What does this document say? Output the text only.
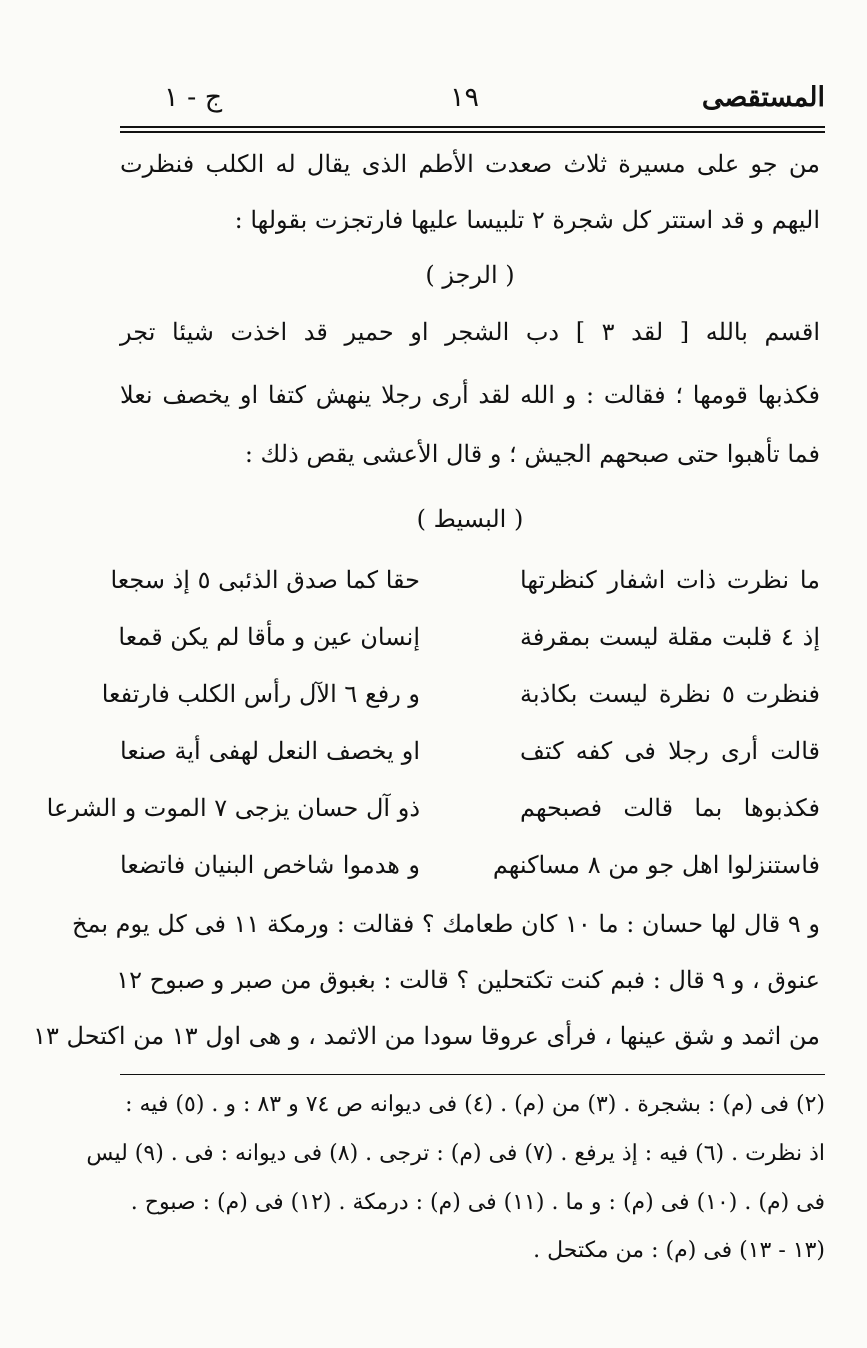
المستقصى
١٩
ج - ١
من جو على مسيرة ثلاث صعدت الأطم الذى يقال له الكلب فنظرت
اليهم و قد استتر كل شجرة ٢ تلبيسا عليها فارتجزت بقولها :
( الرجز )
اقسم بالله [ لقد ٣ ] دب الشجر او حمير قد اخذت شيئا تجر
فكذبها قومها ؛ فقالت : و الله لقد أرى رجلا ينهش كتفا او يخصف نعلا
فما تأهبوا حتى صبحهم الجيش ؛ و قال الأعشى يقص ذلك :
( البسيط )
ما نظرت ذات اشفار كنظرتها
حقا كما صدق الذئبى ٥ إذ سجعا
إذ ٤ قلبت مقلة ليست بمقرفة
إنسان عين و مأقا لم يكن قمعا
فنظرت ٥ نظرة ليست بكاذبة
و رفع ٦ الآل رأس الكلب فارتفعا
قالت أرى رجلا فى كفه كتف
او يخصف النعل لهفى أية صنعا
فكذبوها بما قالت فصبحهم
ذو آل حسان يزجى ٧ الموت و الشرعا
فاستنزلوا اهل جو من ٨ مساكنهم
و هدموا شاخص البنيان فاتضعا
و ٩ قال لها حسان : ما ١٠ كان طعامك ؟ فقالت : ورمكة ١١ فى كل يوم بمخ
عنوق ، و ٩ قال : فبم كنت تكتحلين ؟ قالت : بغبوق من صبر و صبوح ١٢
من اثمد و شق عينها ، فرأى عروقا سودا من الاثمد ، و هى اول ١٣ من اكتحل ١٣
(٢) فى (م) : بشجرة . (٣) من (م) . (٤) فى ديوانه ص ٧٤ و ٨٣ : و . (٥) فيه :
اذ نظرت . (٦) فيه : إذ يرفع . (٧) فى (م) : ترجى . (٨) فى ديوانه : فى . (٩) ليس
فى (م) . (١٠) فى (م) : و ما . (١١) فى (م) : درمكة . (١٢) فى (م) : صبوح .
(١٣ - ١٣) فى (م) : من مكتحل .
